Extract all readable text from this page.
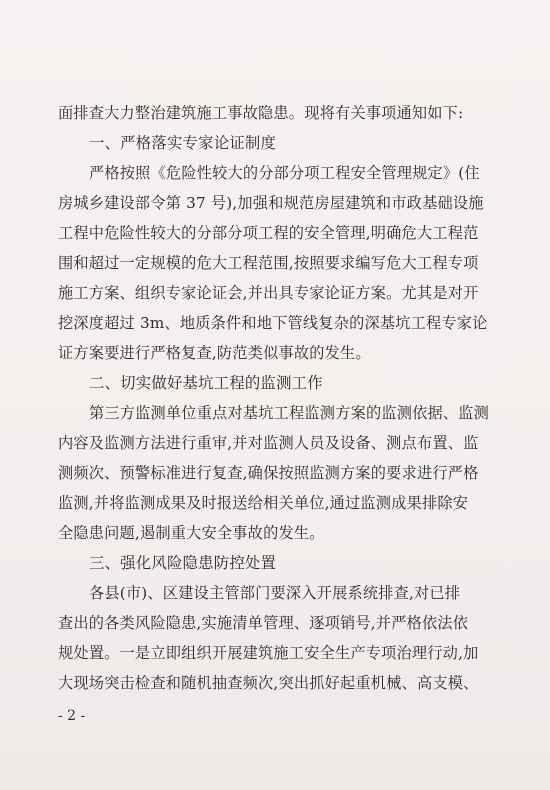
面排查大力整治建筑施工事故隐患。现将有关事项通知如下:
一、严格落实专家论证制度
严格按照《危险性较大的分部分项工程安全管理规定》(住
房城乡建设部令第 37 号),加强和规范房屋建筑和市政基础设施
工程中危险性较大的分部分项工程的安全管理,明确危大工程范
围和超过一定规模的危大工程范围,按照要求编写危大工程专项
施工方案、组织专家论证会,并出具专家论证方案。尤其是对开
挖深度超过 3m、地质条件和地下管线复杂的深基坑工程专家论
证方案要进行严格复查,防范类似事故的发生。
二、切实做好基坑工程的监测工作
第三方监测单位重点对基坑工程监测方案的监测依据、监测
内容及监测方法进行重审,并对监测人员及设备、测点布置、监
测频次、预警标准进行复查,确保按照监测方案的要求进行严格
监测,并将监测成果及时报送给相关单位,通过监测成果排除安
全隐患问题,遏制重大安全事故的发生。
三、强化风险隐患防控处置
各县(市)、区建设主管部门要深入开展系统排查,对已排
查出的各类风险隐患,实施清单管理、逐项销号,并严格依法依
规处置。一是立即组织开展建筑施工安全生产专项治理行动,加
大现场突击检查和随机抽查频次,突出抓好起重机械、高支模、
- 2 -
